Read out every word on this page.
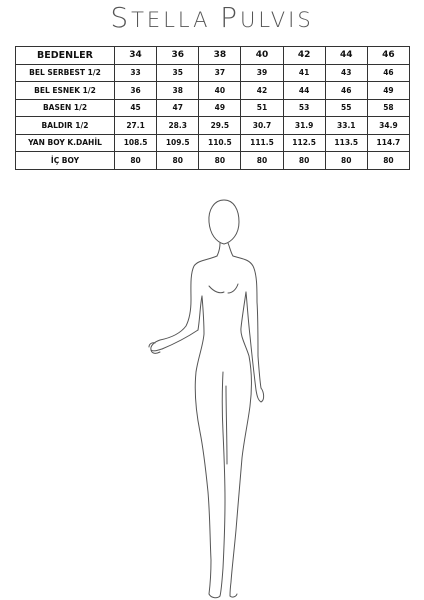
STELLA PULVIS
BEDENLER	34	36	38	40	42	44	46
BEL SERBEST 1/2	33	35	37	39	41	43	46
BEL ESNEK 1/2	36	38	40	42	44	46	49
BASEN 1/2	45	47	49	51	53	55	58
BALDIR 1/2	27.1	28.3	29.5	30.7	31.9	33.1	34.9
YAN BOY K.DAHİL	108.5	109.5	110.5	111.5	112.5	113.5	114.7
İÇ BOY	80	80	80	80	80	80	80
